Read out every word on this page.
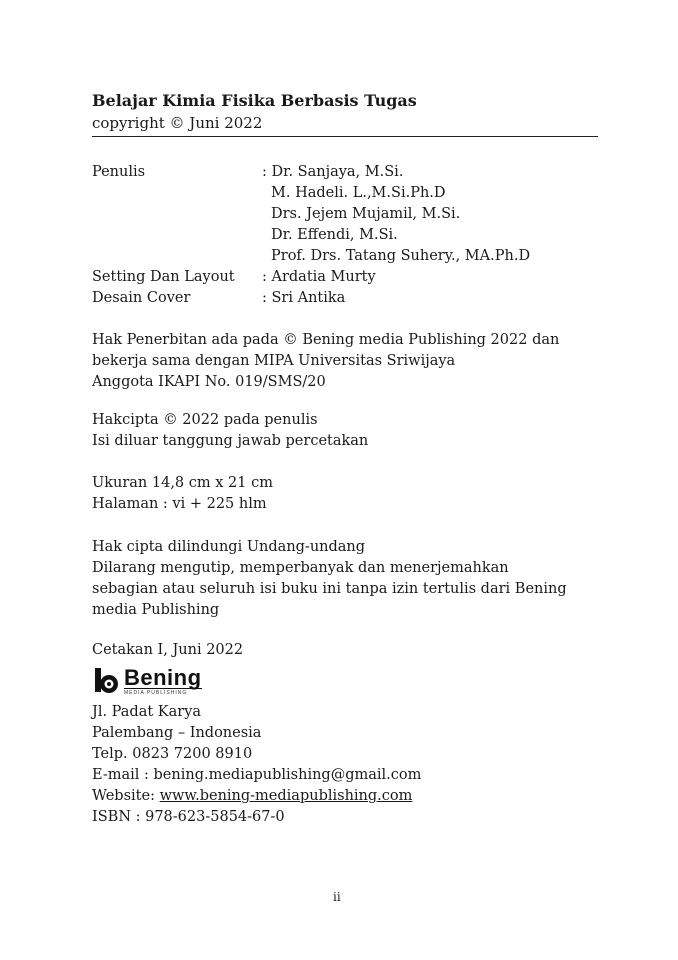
Belajar Kimia Fisika Berbasis Tugas
copyright © Juni 2022
Penulis	: Dr. Sanjaya, M.Si.
M. Hadeli. L.,M.Si.Ph.D
Drs. Jejem Mujamil, M.Si.
Dr. Effendi, M.Si.
Prof. Drs. Tatang Suhery., MA.Ph.D
Setting Dan Layout	: Ardatia Murty
Desain Cover	: Sri Antika
Hak Penerbitan ada pada © Bening media Publishing 2022 dan
bekerja sama dengan MIPA Universitas Sriwijaya
Anggota IKAPI No. 019/SMS/20
Hakcipta © 2022 pada penulis
Isi diluar tanggung jawab percetakan
Ukuran 14,8 cm x 21 cm
Halaman : vi + 225 hlm
Hak cipta dilindungi Undang-undang
Dilarang mengutip, memperbanyak dan menerjemahkan
sebagian atau seluruh isi buku ini tanpa izin tertulis dari Bening
media Publishing
Cetakan I, Juni 2022
Bening
MEDIA PUBLISHING
Jl. Padat Karya
Palembang – Indonesia
Telp. 0823 7200 8910
E-mail : bening.mediapublishing@gmail.com
Website: www.bening-mediapublishing.com
ISBN : 978-623-5854-67-0
ii
